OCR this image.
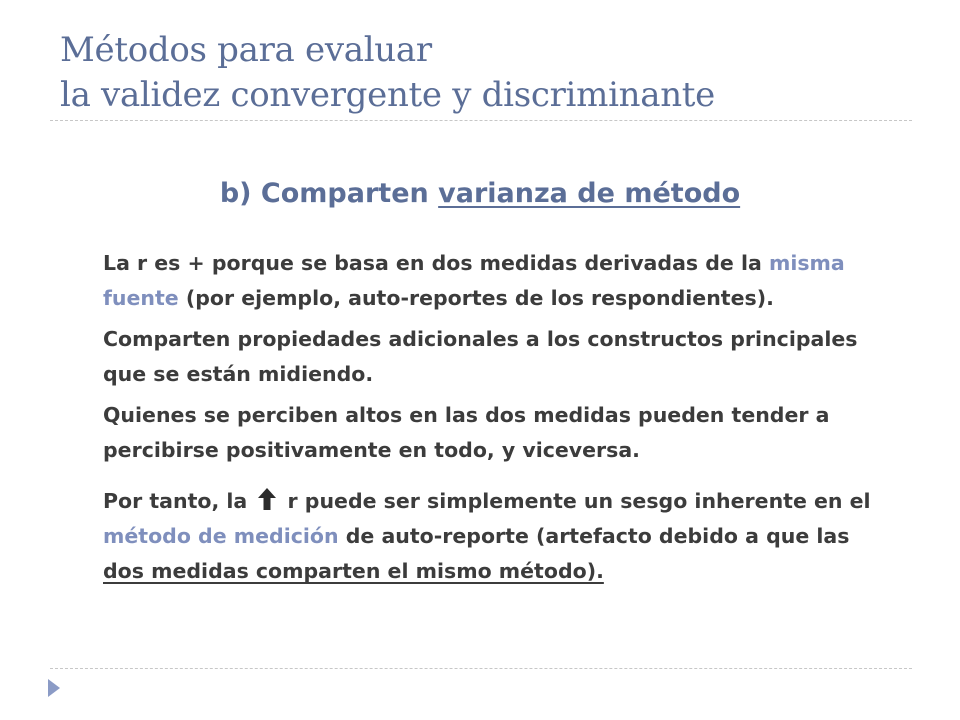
Métodos para evaluar
la validez convergente y discriminante
b) Comparten varianza de método

La r es + porque se basa en dos medidas derivadas de la misma fuente (por ejemplo, auto-reportes de los respondientes).

Comparten propiedades adicionales a los constructos principales que se están midiendo.

Quienes se perciben altos en las dos medidas pueden tender a percibirse positivamente en todo, y viceversa.

Por tanto, la  r puede ser simplemente un sesgo inherente en el método de medición de auto-reporte (artefacto debido a que las dos medidas comparten el mismo método).
